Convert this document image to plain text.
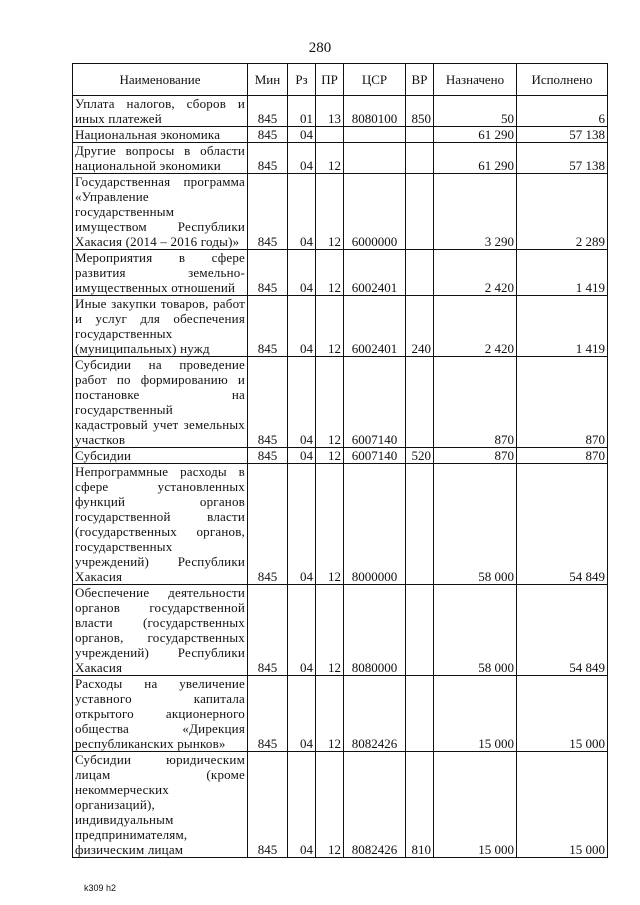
280
Наименование	Мин	Рз	ПР	ЦСР	ВР	Назначено	Исполнено
Уплата налогов, сборов и иных платежей	845	01	13	8080100	850	50	6
Национальная экономика	845	04				61 290	57 138
Другие вопросы в области национальной экономики	845	04	12			61 290	57 138
Государственная программа «Управление государственным имуществом Республики Хакасия (2014 – 2016 годы)»	845	04	12	6000000		3 290	2 289
Мероприятия в сфере развития земельно-имущественных отношений	845	04	12	6002401		2 420	1 419
Иные закупки товаров, работ и услуг для обеспечения государственных (муниципальных) нужд	845	04	12	6002401	240	2 420	1 419
Субсидии на проведение работ по формированию и постановке на государственный кадастровый учет земельных участков	845	04	12	6007140		870	870
Субсидии	845	04	12	6007140	520	870	870
Непрограммные расходы в сфере установленных функций органов государственной власти (государственных органов, государственных учреждений) Республики Хакасия	845	04	12	8000000		58 000	54 849
Обеспечение деятельности органов государственной власти (государственных органов, государственных учреждений) Республики Хакасия	845	04	12	8080000		58 000	54 849
Расходы на увеличение уставного капитала открытого акционерного общества «Дирекция республиканских рынков»	845	04	12	8082426		15 000	15 000
Субсидии юридическим лицам (кроме некоммерческих организаций), индивидуальным предпринимателям, физическим лицам	845	04	12	8082426	810	15 000	15 000
k309 h2
